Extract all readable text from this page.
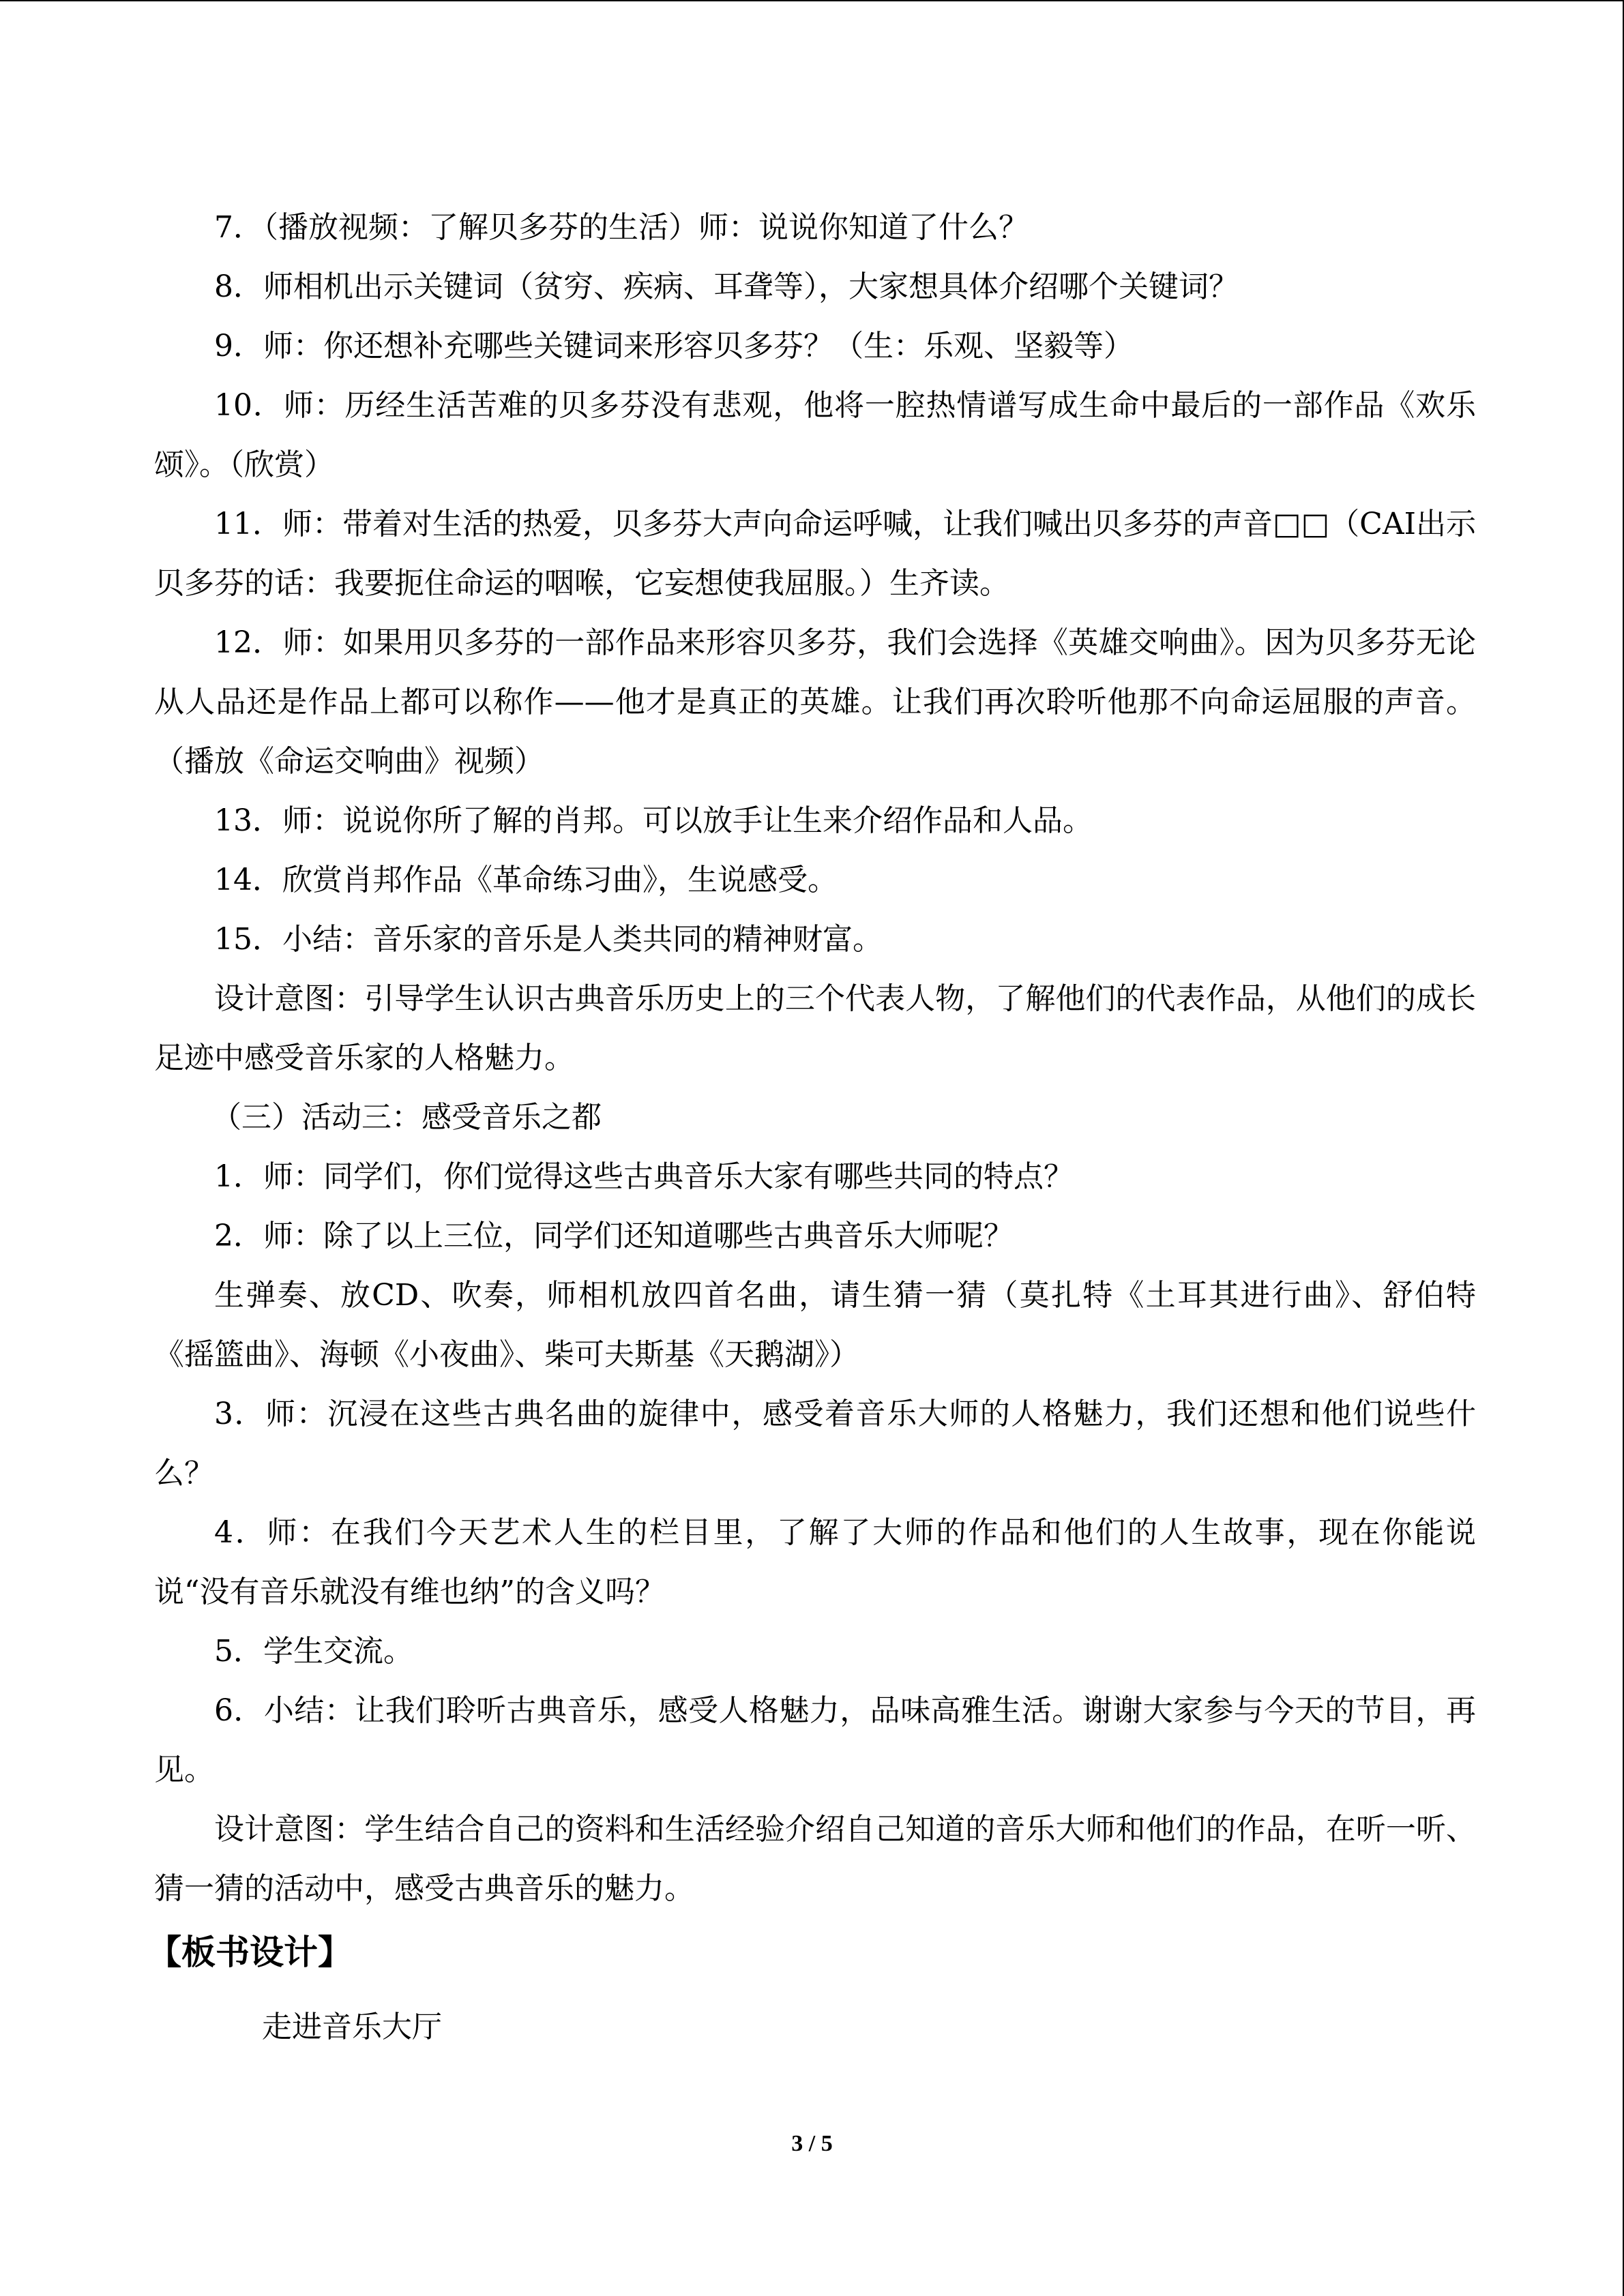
7．（播放视频：了解贝多芬的生活）师：说说你知道了什么？

8．师相机出示关键词（贫穷、疾病、耳聋等），大家想具体介绍哪个关键词？

9．师：你还想补充哪些关键词来形容贝多芬？（生：乐观、坚毅等）

10．师：历经生活苦难的贝多芬没有悲观，他将一腔热情谱写成生命中最后的一部作品《欢乐颂》。（欣赏）

11．师：带着对生活的热爱，贝多芬大声向命运呼喊，让我们喊出贝多芬的声音□□（CAI出示贝多芬的话：我要扼住命运的咽喉，它妄想使我屈服。）生齐读。

12．师：如果用贝多芬的一部作品来形容贝多芬，我们会选择《英雄交响曲》。因为贝多芬无论从人品还是作品上都可以称作——他才是真正的英雄。让我们再次聆听他那不向命运屈服的声音。（播放《命运交响曲》视频）

13．师：说说你所了解的肖邦。可以放手让生来介绍作品和人品。

14．欣赏肖邦作品《革命练习曲》，生说感受。

15．小结：音乐家的音乐是人类共同的精神财富。

设计意图：引导学生认识古典音乐历史上的三个代表人物，了解他们的代表作品，从他们的成长足迹中感受音乐家的人格魅力。

（三）活动三：感受音乐之都

1．师：同学们，你们觉得这些古典音乐大家有哪些共同的特点？

2．师：除了以上三位，同学们还知道哪些古典音乐大师呢？

生弹奏、放CD、吹奏，师相机放四首名曲，请生猜一猜（莫扎特《土耳其进行曲》、舒伯特《摇篮曲》、海顿《小夜曲》、柴可夫斯基《天鹅湖》）

3．师：沉浸在这些古典名曲的旋律中，感受着音乐大师的人格魅力，我们还想和他们说些什么？

4．师：在我们今天艺术人生的栏目里，了解了大师的作品和他们的人生故事，现在你能说说“没有音乐就没有维也纳”的含义吗？

5．学生交流。

6．小结：让我们聆听古典音乐，感受人格魅力，品味高雅生活。谢谢大家参与今天的节目，再见。

设计意图：学生结合自己的资料和生活经验介绍自己知道的音乐大师和他们的作品，在听一听、猜一猜的活动中，感受古典音乐的魅力。

【板书设计】

走进音乐大厅

3 / 5
